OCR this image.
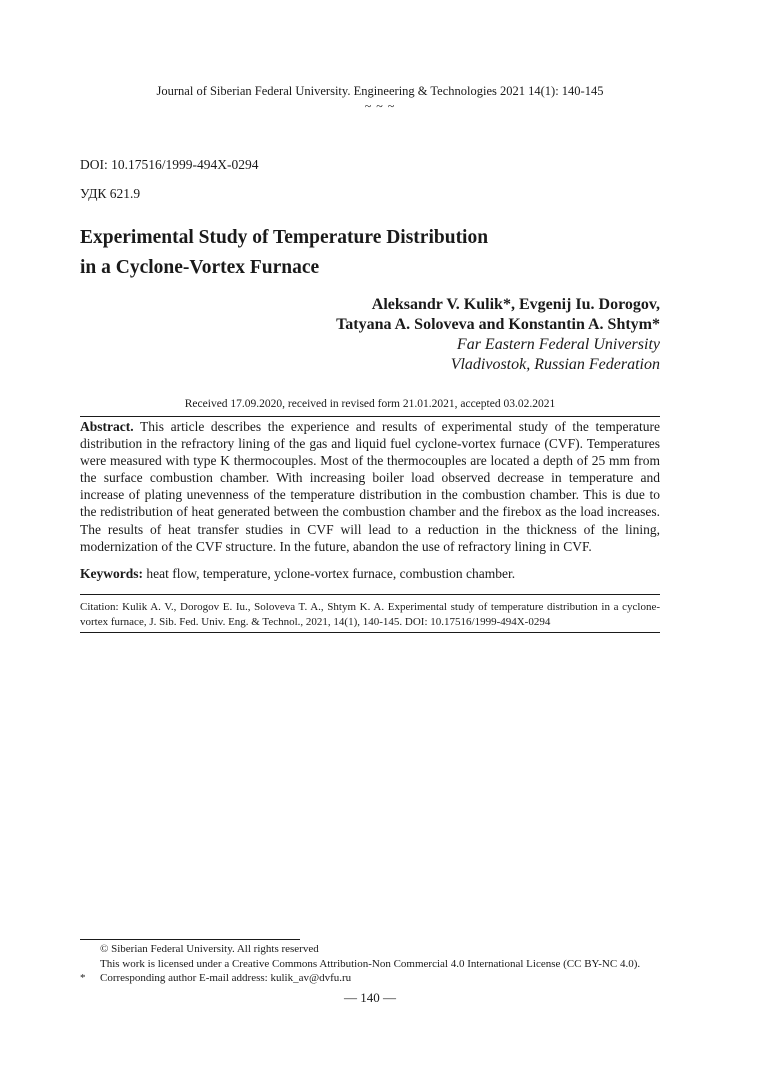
Journal of Siberian Federal University. Engineering & Technologies 2021 14(1): 140-145
~ ~ ~
DOI: 10.17516/1999-494X-0294
УДК 621.9
Experimental Study of Temperature Distribution
in a Cyclone-Vortex Furnace
Aleksandr V. Kulik*, Evgenij Iu. Dorogov,
Tatyana A. Soloveva and Konstantin A. Shtym*
Far Eastern Federal University
Vladivostok, Russian Federation
Received 17.09.2020, received in revised form 21.01.2021, accepted 03.02.2021
Abstract. This article describes the experience and results of experimental study of the temperature distribution in the refractory lining of the gas and liquid fuel cyclone-vortex furnace (CVF). Temperatures were measured with type K thermocouples. Most of the thermocouples are located a depth of 25 mm from the surface combustion chamber. With increasing boiler load observed decrease in temperature and increase of plating unevenness of the temperature distribution in the combustion chamber. This is due to the redistribution of heat generated between the combustion chamber and the firebox as the load increases. The results of heat transfer studies in CVF will lead to a reduction in the thickness of the lining, modernization of the CVF structure. In the future, abandon the use of refractory lining in CVF.
Keywords: heat flow, temperature, yclone-vortex furnace, combustion chamber.
Citation: Kulik A. V., Dorogov E. Iu., Soloveva T. A., Shtym K. A. Experimental study of temperature distribution in a cyclone-vortex furnace, J. Sib. Fed. Univ. Eng. & Technol., 2021, 14(1), 140-145. DOI: 10.17516/1999-494X-0294
© Siberian Federal University. All rights reserved
This work is licensed under a Creative Commons Attribution-Non Commercial 4.0 International License (CC BY-NC 4.0).
*	Corresponding author E-mail address: kulik_av@dvfu.ru
— 140 —
